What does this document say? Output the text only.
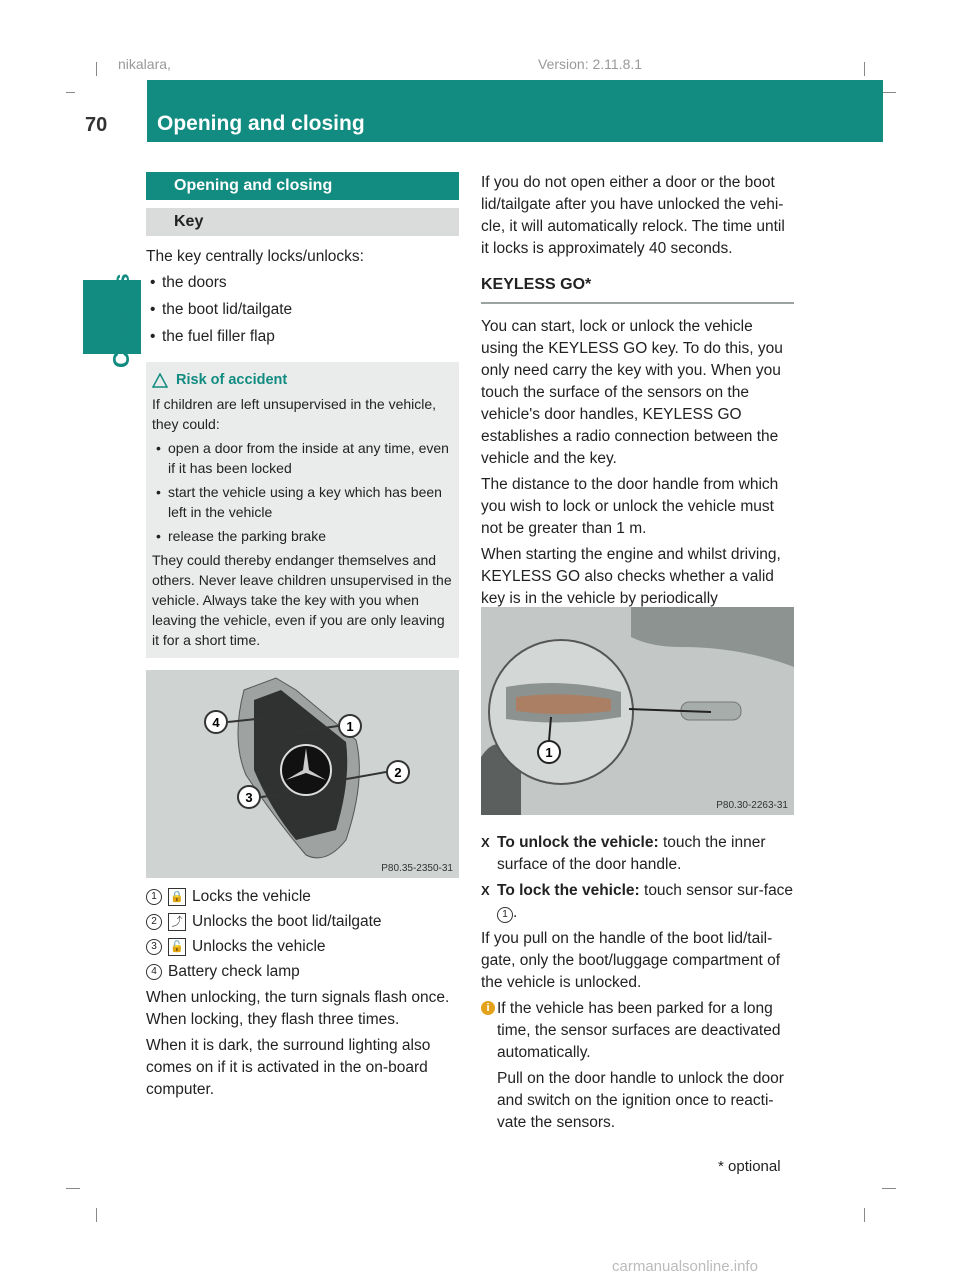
nikalara,	Version: 2.11.8.1
70 Opening and closing
Controls
Opening and closing
Key

The key centrally locks/unlocks:

• the doors
• the boot lid/tailgate
• the fuel filler flap
Risk of accident

If children are left unsupervised in the vehicle, they could:

• open a door from the inside at any time, even if it has been locked
• start the vehicle using a key which has been left in the vehicle
• release the parking brake

They could thereby endanger themselves and others. Never leave children unsupervised in the vehicle. Always take the key with you when leaving the vehicle, even if you are only leaving it for a short time.

1
2
3
4
P80.35-2350-31
1	🔒 Locks the vehicle
2	⤴ Unlocks the boot lid/tailgate
3	🔓 Unlocks the vehicle
4 Battery check lamp

When unlocking, the turn signals flash once. When locking, they flash three times.

When it is dark, the surround lighting also comes on if it is activated in the on-board computer.

If you do not open either a door or the boot lid/tailgate after you have unlocked the vehi-cle, it will automatically relock. The time until it locks is approximately 40 seconds.

KEYLESS GO*

You can start, lock or unlock the vehicle using the KEYLESS GO key. To do this, you only need carry the key with you. When you touch the surface of the sensors on the vehicle's door handles, KEYLESS GO establishes a radio connection between the vehicle and the key.

The distance to the door handle from which you wish to lock or unlock the vehicle must not be greater than 1 m.

When starting the engine and whilst driving, KEYLESS GO also checks whether a valid key is in the vehicle by periodically

1
P80.30-2263-31
X To unlock the vehicle: touch the inner surface of the door handle.
X To lock the vehicle: touch sensor sur-face 1 .

If you pull on the handle of the boot lid/tail-gate, only the boot/luggage compartment of the vehicle is unlocked.

i If the vehicle has been parked for a long time, the sensor surfaces are deactivated automatically.

Pull on the door handle to unlock the door and switch on the ignition once to reacti-vate the sensors.

* optional
carmanualsonline.info
